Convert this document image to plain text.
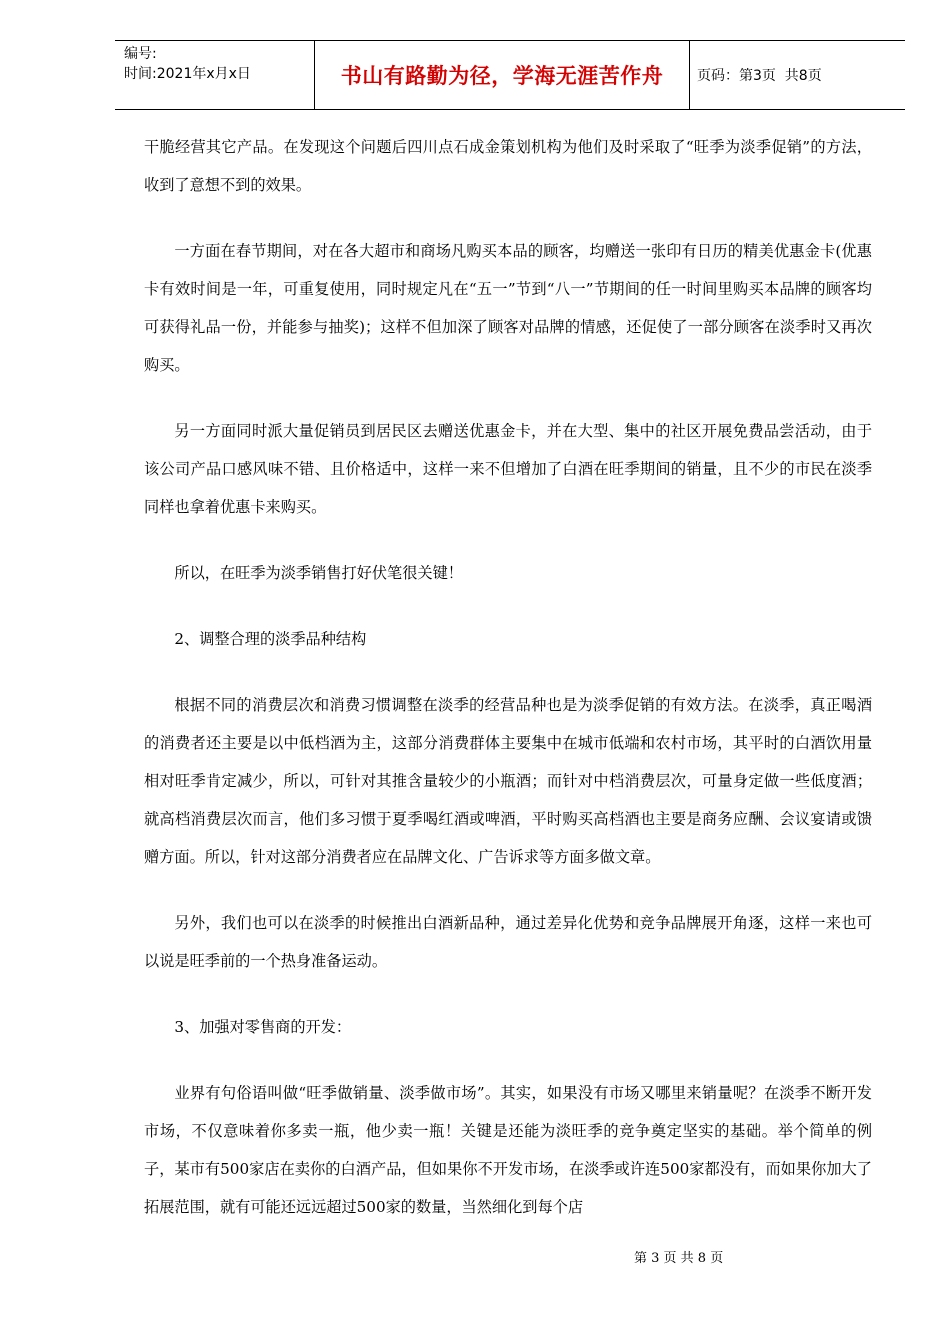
编号:
时间:2021年x月x日	书山有路勤为径，学海无涯苦作舟	页码：第3页  共8页

干脆经营其它产品。在发现这个问题后四川点石成金策划机构为他们及时采取了“旺季为淡季促销”的方法，收到了意想不到的效果。

一方面在春节期间，对在各大超市和商场凡购买本品的顾客，均赠送一张印有日历的精美优惠金卡(优惠卡有效时间是一年，可重复使用，同时规定凡在“五一”节到“八一”节期间的任一时间里购买本品牌的顾客均可获得礼品一份，并能参与抽奖)；这样不但加深了顾客对品牌的情感，还促使了一部分顾客在淡季时又再次购买。

另一方面同时派大量促销员到居民区去赠送优惠金卡，并在大型、集中的社区开展免费品尝活动，由于该公司产品口感风味不错、且价格适中，这样一来不但增加了白酒在旺季期间的销量，且不少的市民在淡季同样也拿着优惠卡来购买。

所以，在旺季为淡季销售打好伏笔很关键！

2、调整合理的淡季品种结构

根据不同的消费层次和消费习惯调整在淡季的经营品种也是为淡季促销的有效方法。在淡季，真正喝酒的消费者还主要是以中低档酒为主，这部分消费群体主要集中在城市低端和农村市场，其平时的白酒饮用量相对旺季肯定减少，所以，可针对其推含量较少的小瓶酒；而针对中档消费层次，可量身定做一些低度酒；就高档消费层次而言，他们多习惯于夏季喝红酒或啤酒，平时购买高档酒也主要是商务应酬、会议宴请或馈赠方面。所以，针对这部分消费者应在品牌文化、广告诉求等方面多做文章。

另外，我们也可以在淡季的时候推出白酒新品种，通过差异化优势和竞争品牌展开角逐，这样一来也可以说是旺季前的一个热身准备运动。

3、加强对零售商的开发：

业界有句俗语叫做“旺季做销量、淡季做市场”。其实，如果没有市场又哪里来销量呢？在淡季不断开发市场，不仅意味着你多卖一瓶，他少卖一瓶！关键是还能为淡旺季的竞争奠定坚实的基础。举个简单的例子，某市有500家店在卖你的白酒产品，但如果你不开发市场，在淡季或许连500家都没有，而如果你加大了拓展范围，就有可能还远远超过500家的数量，当然细化到每个店

第 3 页 共 8 页
